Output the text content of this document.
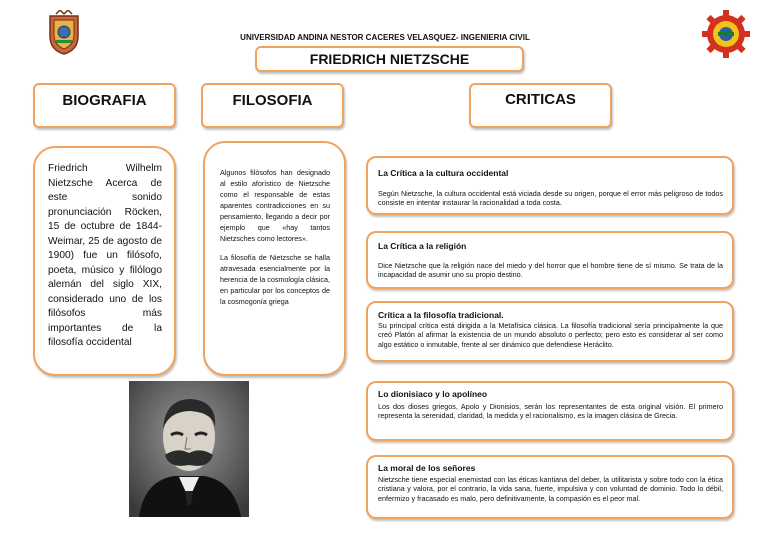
UNIVERSIDAD ANDINA NESTOR CACERES VELASQUEZ- INGENIERIA CIVIL
FRIEDRICH NIETZSCHE
BIOGRAFIA	FILOSOFIA	CRITICAS
Friedrich Wilhelm Nietzsche Acerca de este sonido pronunciación Röcken, 15 de octubre de 1844-Weimar, 25 de agosto de 1900) fue un filósofo, poeta, músico y filólogo alemán del siglo XIX, considerado uno de los filósofos más importantes de la filosofía occidental

Algunos filósofos han designado al estilo aforístico de Nietzsche como el responsable de estas aparentes contradicciones en su pensamiento, llegando a decir por ejemplo que «hay tantos Nietzsches como lectores».

La filosofía de Nietzsche se halla atravesada esencialmente por la herencia de la cosmología clásica, en particular por los conceptos de la cosmogonía griega

La Crítica a la cultura occidental

Según Nietzsche, la cultura occidental está viciada desde su origen, porque el error más peligroso de todos consiste en intentar instaurar la racionalidad a toda costa.

La Crítica a la religión

Dice Nietzsche que la religión nace del miedo y del horror que el hombre tiene de sí mismo. Se trata de la incapacidad de asumir uno su propio destino.

Crítica a la filosofía tradicional.

Su principal crítica está dirigida a la Metafísica clásica. La filosofía tradicional sería principalmente la que creó Platón al afirmar la existencia de un mundo absoluto o perfecto; pero esto es considerar al ser como algo estático o inmutable, frente al ser dinámico que defendiese Heráclito.

Lo dionisiaco y lo apolíneo

Los dos dioses griegos, Apolo y Dionisios, serán los representantes de esta original visión. El primero representa la serenidad, claridad, la medida y el racionalismo, es la imagen clásica de Grecia.

La moral de los señores

Nietzsche tiene especial enemistad con las éticas kantiana del deber, la utilitarista y sobre todo con la ética cristiana y valora, por el contrario, la vida sana, fuerte, impulsiva y con voluntad de dominio. Todo lo débil, enfermizo y fracasado es malo, pero definitivamente, la compasión es el peor mal.
